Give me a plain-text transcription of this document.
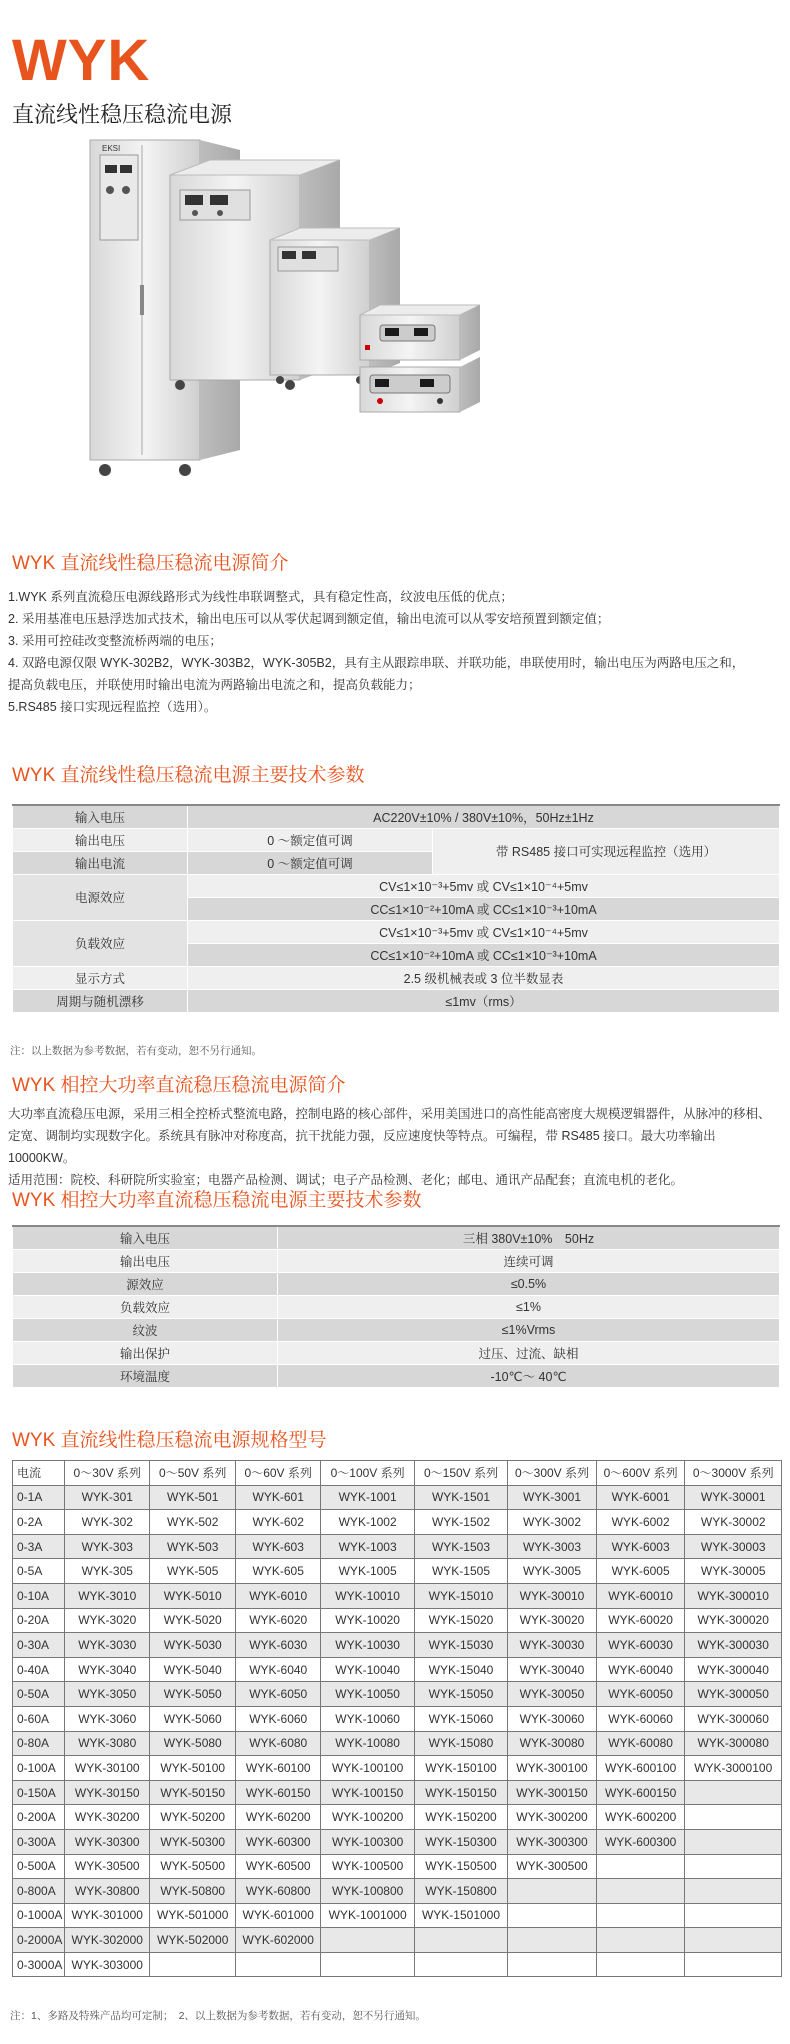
WYK
直流线性稳压稳流电源
EKSI
WYK 直流线性稳压稳流电源简介
1.WYK 系列直流稳压电源线路形式为线性串联调整式，具有稳定性高，纹波电压低的优点；
2. 采用基准电压悬浮迭加式技术，输出电压可以从零伏起调到额定值，输出电流可以从零安培预置到额定值；
3. 采用可控硅改变整流桥两端的电压；
4. 双路电源仅限 WYK-302B2，WYK-303B2，WYK-305B2，具有主从跟踪串联、并联功能，串联使用时，输出电压为两路电压之和，
提高负载电压，并联使用时输出电流为两路输出电流之和，提高负载能力；
5.RS485 接口实现远程监控（选用）。
WYK 直流线性稳压稳流电源主要技术参数
输入电压	AC220V±10% / 380V±10%，50Hz±1Hz	
输出电压	0 ～额定值可调	带 RS485 接口可实现远程监控（选用）
输出电流	0 ～额定值可调	
电源效应	CV≤1×10⁻³+5mv 或 CV≤1×10⁻⁴+5mv	
	CC≤1×10⁻²+10mA 或 CC≤1×10⁻³+10mA	
负载效应	CV≤1×10⁻³+5mv 或 CV≤1×10⁻⁴+5mv	
	CC≤1×10⁻²+10mA 或 CC≤1×10⁻³+10mA	
显示方式	2.5 级机械表或 3 位半数显表	
周期与随机漂移	≤1mv（rms）	
注：以上数据为参考数据，若有变动，恕不另行通知。
WYK 相控大功率直流稳压稳流电源简介
大功率直流稳压电源，采用三相全控桥式整流电路，控制电路的核心部件，采用美国进口的高性能高密度大规模逻辑器件，从脉冲的移相、
定宽、调制均实现数字化。系统具有脉冲对称度高，抗干扰能力强，反应速度快等特点。可编程，带 RS485 接口。最大功率输出10000KW。
适用范围：院校、科研院所实验室；电器产品检测、调试；电子产品检测、老化；邮电、通讯产品配套；直流电机的老化。
WYK 相控大功率直流稳压稳流电源主要技术参数
输入电压	三相 380V±10%　50Hz
输出电压	连续可调
源效应	≤0.5%
负载效应	≤1%
纹波	≤1%Vrms
输出保护	过压、过流、缺相
环境温度	-10℃～ 40℃
WYK 直流线性稳压稳流电源规格型号
电流	0～30V 系列	0～50V 系列	0～60V 系列	0～100V 系列	0～150V 系列	0～300V 系列	0～600V 系列	0～3000V 系列
0-1A	WYK-301	WYK-501	WYK-601	WYK-1001	WYK-1501	WYK-3001	WYK-6001	WYK-30001
0-2A	WYK-302	WYK-502	WYK-602	WYK-1002	WYK-1502	WYK-3002	WYK-6002	WYK-30002
0-3A	WYK-303	WYK-503	WYK-603	WYK-1003	WYK-1503	WYK-3003	WYK-6003	WYK-30003
0-5A	WYK-305	WYK-505	WYK-605	WYK-1005	WYK-1505	WYK-3005	WYK-6005	WYK-30005
0-10A	WYK-3010	WYK-5010	WYK-6010	WYK-10010	WYK-15010	WYK-30010	WYK-60010	WYK-300010
0-20A	WYK-3020	WYK-5020	WYK-6020	WYK-10020	WYK-15020	WYK-30020	WYK-60020	WYK-300020
0-30A	WYK-3030	WYK-5030	WYK-6030	WYK-10030	WYK-15030	WYK-30030	WYK-60030	WYK-300030
0-40A	WYK-3040	WYK-5040	WYK-6040	WYK-10040	WYK-15040	WYK-30040	WYK-60040	WYK-300040
0-50A	WYK-3050	WYK-5050	WYK-6050	WYK-10050	WYK-15050	WYK-30050	WYK-60050	WYK-300050
0-60A	WYK-3060	WYK-5060	WYK-6060	WYK-10060	WYK-15060	WYK-30060	WYK-60060	WYK-300060
0-80A	WYK-3080	WYK-5080	WYK-6080	WYK-10080	WYK-15080	WYK-30080	WYK-60080	WYK-300080
0-100A	WYK-30100	WYK-50100	WYK-60100	WYK-100100	WYK-150100	WYK-300100	WYK-600100	WYK-3000100
0-150A	WYK-30150	WYK-50150	WYK-60150	WYK-100150	WYK-150150	WYK-300150	WYK-600150	
0-200A	WYK-30200	WYK-50200	WYK-60200	WYK-100200	WYK-150200	WYK-300200	WYK-600200	
0-300A	WYK-30300	WYK-50300	WYK-60300	WYK-100300	WYK-150300	WYK-300300	WYK-600300	
0-500A	WYK-30500	WYK-50500	WYK-60500	WYK-100500	WYK-150500	WYK-300500		
0-800A	WYK-30800	WYK-50800	WYK-60800	WYK-100800	WYK-150800			
0-1000A	WYK-301000	WYK-501000	WYK-601000	WYK-1001000	WYK-1501000			
0-2000A	WYK-302000	WYK-502000	WYK-602000					
0-3000A	WYK-303000							
注：1、多路及特殊产品均可定制；　2、以上数据为参考数据，若有变动，恕不另行通知。
